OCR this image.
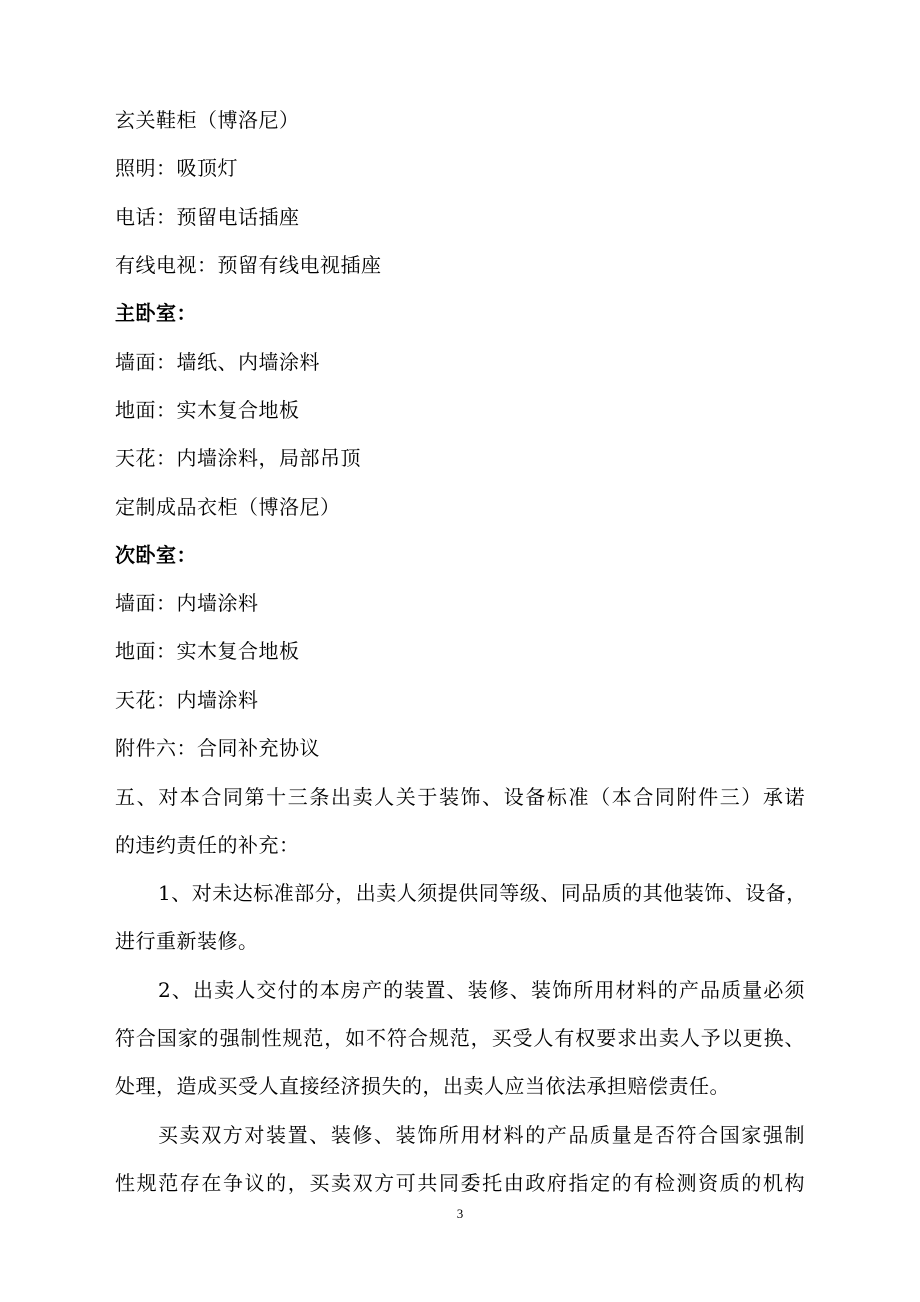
玄关鞋柜（博洛尼）
照明：吸顶灯
电话：预留电话插座
有线电视：预留有线电视插座
主卧室：
墙面：墙纸、内墙涂料
地面：实木复合地板
天花：内墙涂料，局部吊顶
定制成品衣柜（博洛尼）
次卧室：
墙面：内墙涂料
地面：实木复合地板
天花：内墙涂料
附件六：合同补充协议
五、对本合同第十三条出卖人关于装饰、设备标准（本合同附件三）承诺
的违约责任的补充：
1、对未达标准部分，出卖人须提供同等级、同品质的其他装饰、设备，
进行重新装修。
2、出卖人交付的本房产的装置、装修、装饰所用材料的产品质量必须
符合国家的强制性规范，如不符合规范，买受人有权要求出卖人予以更换、
处理，造成买受人直接经济损失的，出卖人应当依法承担赔偿责任。
买卖双方对装置、装修、装饰所用材料的产品质量是否符合国家强制
性规范存在争议的，买卖双方可共同委托由政府指定的有检测资质的机构
3
